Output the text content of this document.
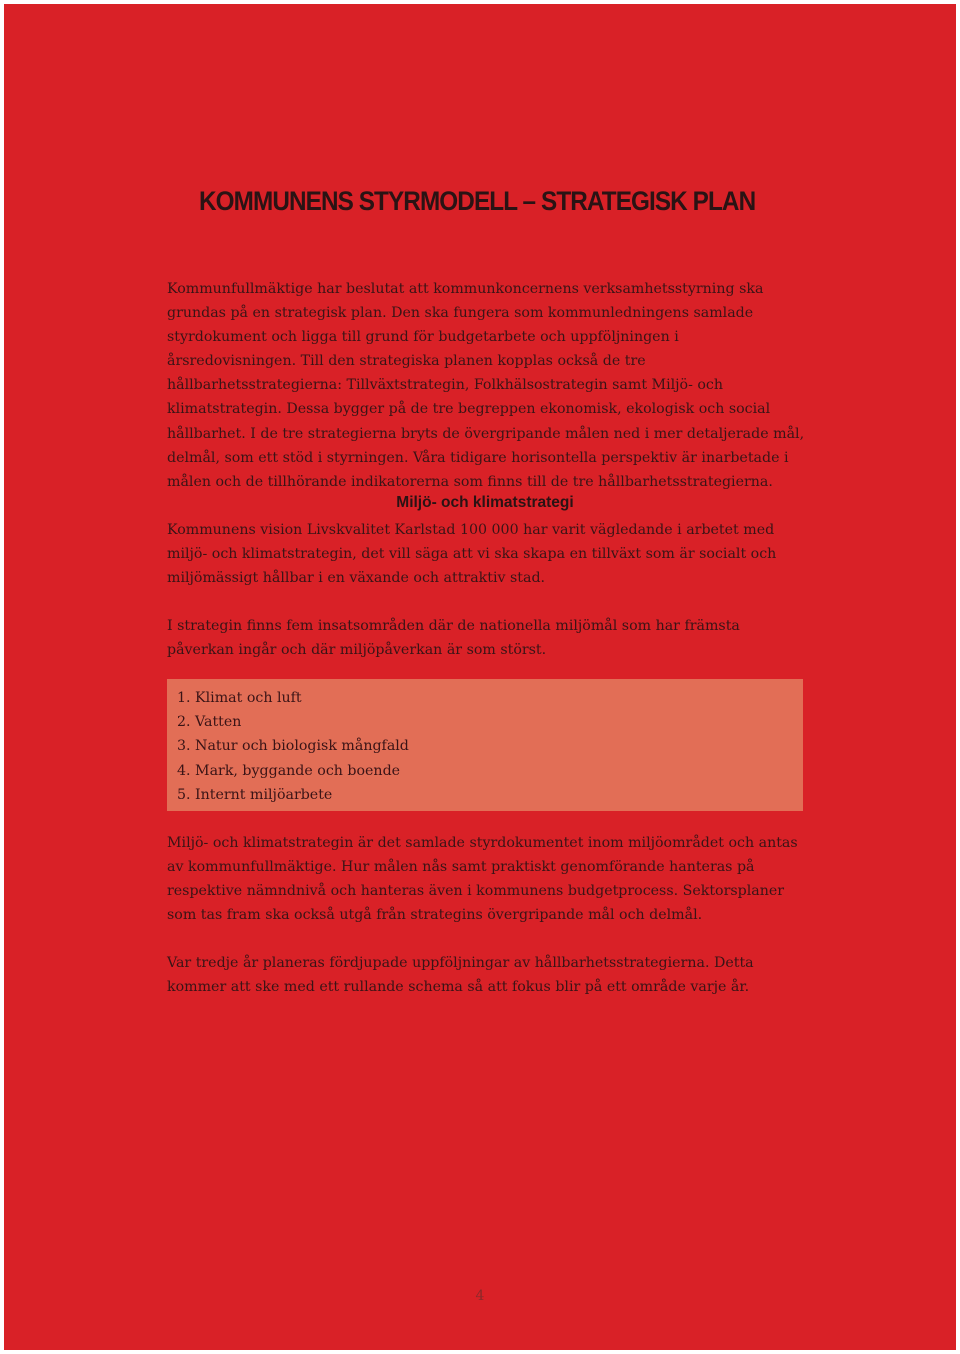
KOMMUNENS STYRMODELL – STRATEGISK PLAN

Kommunfullmäktige har beslutat att kommunkoncernens verksamhetsstyrning ska grundas på en strategisk plan. Den ska fungera som kommunledningens samlade styrdokument och ligga till grund för budgetarbete och uppföljningen i årsredovisningen. Till den strategiska planen kopplas också de tre hållbarhetsstrategierna: Tillväxtstrategin, Folkhälsostrategin samt Miljö- och klimatstrategin. Dessa bygger på de tre begreppen ekonomisk, ekologisk och social hållbarhet. I de tre strategierna bryts de övergripande målen ned i mer detaljerade mål, delmål, som ett stöd i styrningen. Våra tidigare horisontella perspektiv är inarbetade i målen och de tillhörande indikatorerna som finns till de tre hållbarhetsstrategierna.

Miljö- och klimatstrategi

Kommunens vision Livskvalitet Karlstad 100 000 har varit vägledande i arbetet med miljö- och klimatstrategin, det vill säga att vi ska skapa en tillväxt som är socialt och miljömässigt hållbar i en växande och attraktiv stad.

I strategin finns fem insatsområden där de nationella miljömål som har främsta påverkan ingår och där miljöpåverkan är som störst.

1. Klimat och luft
2. Vatten
3. Natur och biologisk mångfald
4. Mark, byggande och boende
5. Internt miljöarbete

Miljö- och klimatstrategin är det samlade styrdokumentet inom miljöområdet och antas av kommunfullmäktige. Hur målen nås samt praktiskt genomförande hanteras på respektive nämndnivå och hanteras även i kommunens budgetprocess. Sektorsplaner som tas fram ska också utgå från strategins övergripande mål och delmål.

Var tredje år planeras fördjupade uppföljningar av hållbarhetsstrategierna. Detta kommer att ske med ett rullande schema så att fokus blir på ett område varje år.

4
